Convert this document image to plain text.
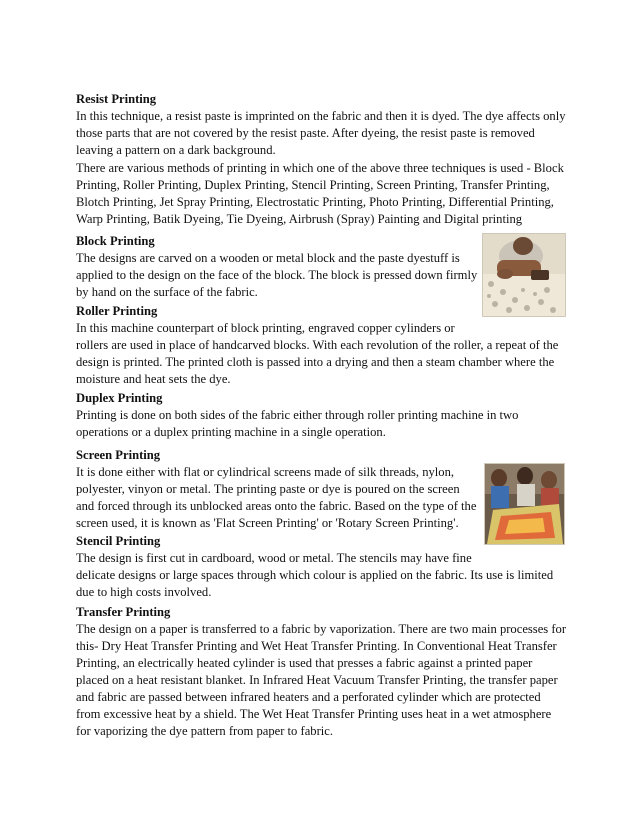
Resist Printing

In this technique, a resist paste is imprinted on the fabric and then it is dyed. The dye affects only

those parts that are not covered by the resist paste. After dyeing, the resist paste is removed

leaving a pattern on a dark background.

There are various methods of printing in which one of the above three techniques is used - Block

Printing, Roller Printing, Duplex Printing, Stencil Printing, Screen Printing, Transfer Printing,

Blotch Printing, Jet Spray Printing, Electrostatic Printing, Photo Printing, Differential Printing,

Warp Printing, Batik Dyeing, Tie Dyeing, Airbrush (Spray) Painting and Digital printing

Block Printing

The designs are carved on a wooden or metal block and the paste dyestuff is

applied to the design on the face of the block. The block is pressed down firmly

by hand on the surface of the fabric.

Roller Printing

In this machine counterpart of block printing, engraved copper cylinders or

rollers are used in place of handcarved blocks. With each revolution of the roller, a repeat of the

design is printed. The printed cloth is passed into a drying and then a steam chamber where the

moisture and heat sets the dye.

Duplex Printing

Printing is done on both sides of the fabric either through roller printing machine in two

operations or a duplex printing machine in a single operation.

Screen Printing

It is done either with flat or cylindrical screens made of silk threads, nylon,

polyester, vinyon or metal. The printing paste or dye is poured on the screen

and forced through its unblocked areas onto the fabric. Based on the type of the

screen used, it is known as 'Flat Screen Printing' or 'Rotary Screen Printing'.

Stencil Printing

The design is first cut in cardboard, wood or metal. The stencils may have fine

delicate designs or large spaces through which colour is applied on the fabric. Its use is limited

due to high costs involved.

Transfer Printing

The design on a paper is transferred to a fabric by vaporization. There are two main processes for

this- Dry Heat Transfer Printing and Wet Heat Transfer Printing. In Conventional Heat Transfer

Printing, an electrically heated cylinder is used that presses a fabric against a printed paper

placed on a heat resistant blanket. In Infrared Heat Vacuum Transfer Printing, the transfer paper

and fabric are passed between infrared heaters and a perforated cylinder which are protected

from excessive heat by a shield. The Wet Heat Transfer Printing uses heat in a wet atmosphere

for vaporizing the dye pattern from paper to fabric.
